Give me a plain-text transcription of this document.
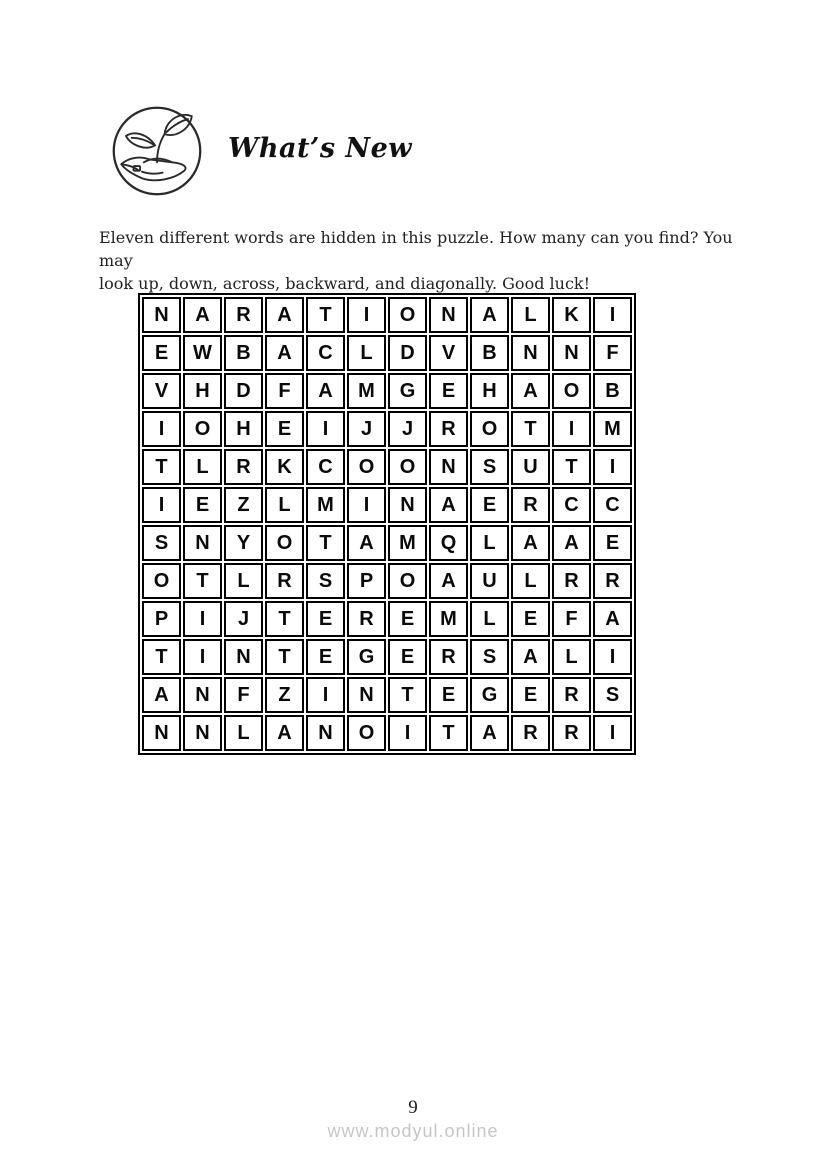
What’s New

Eleven different words are hidden in this puzzle. How many can you find? You may
look up, down, across, backward, and diagonally. Good luck!

N	A	R	A	T	I	O	N	A	L	K	I
E	W	B	A	C	L	D	V	B	N	N	F
V	H	D	F	A	M	G	E	H	A	O	B
I	O	H	E	I	J	J	R	O	T	I	M
T	L	R	K	C	O	O	N	S	U	T	I
I	E	Z	L	M	I	N	A	E	R	C	C
S	N	Y	O	T	A	M	Q	L	A	A	E
O	T	L	R	S	P	O	A	U	L	R	R
P	I	J	T	E	R	E	M	L	E	F	A
T	I	N	T	E	G	E	R	S	A	L	I
A	N	F	Z	I	N	T	E	G	E	R	S
N	N	L	A	N	O	I	T	A	R	R	I
9
www.modyul.online
